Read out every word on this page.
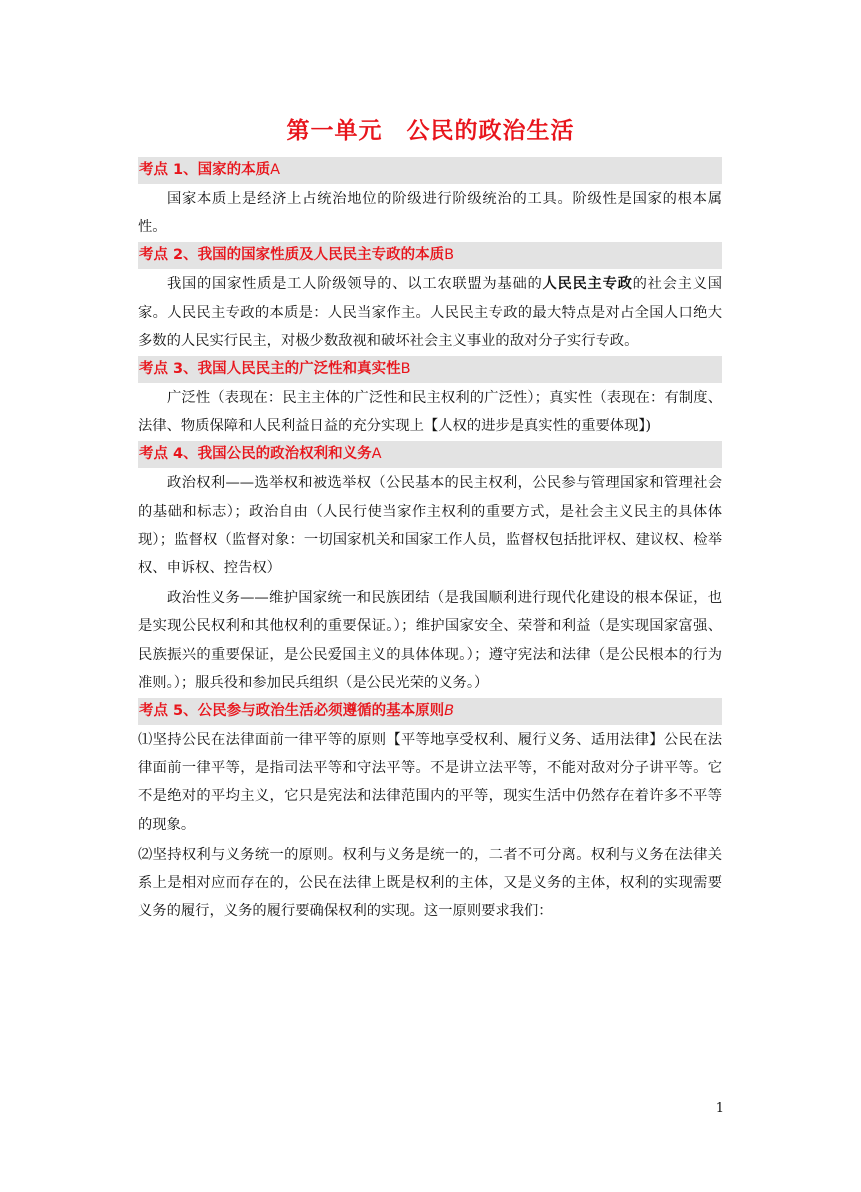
第一单元　公民的政治生活
考点 1、国家的本质A

国家本质上是经济上占统治地位的阶级进行阶级统治的工具。阶级性是国家的根本属性。

考点 2、我国的国家性质及人民民主专政的本质B

我国的国家性质是工人阶级领导的、以工农联盟为基础的人民民主专政的社会主义国家。人民民主专政的本质是：人民当家作主。人民民主专政的最大特点是对占全国人口绝大多数的人民实行民主，对极少数敌视和破坏社会主义事业的敌对分子实行专政。

考点 3、我国人民民主的广泛性和真实性B

广泛性（表现在：民主主体的广泛性和民主权利的广泛性）；真实性（表现在：有制度、法律、物质保障和人民利益日益的充分实现上【人权的进步是真实性的重要体现】)

考点 4、我国公民的政治权利和义务A

政治权利——选举权和被选举权（公民基本的民主权利，公民参与管理国家和管理社会的基础和标志）；政治自由（人民行使当家作主权利的重要方式，是社会主义民主的具体体现）；监督权（监督对象：一切国家机关和国家工作人员，监督权包括批评权、建议权、检举权、申诉权、控告权）

政治性义务——维护国家统一和民族团结（是我国顺利进行现代化建设的根本保证，也是实现公民权利和其他权利的重要保证。）；维护国家安全、荣誉和利益（是实现国家富强、民族振兴的重要保证，是公民爱国主义的具体体现。）；遵守宪法和法律（是公民根本的行为准则。）；服兵役和参加民兵组织（是公民光荣的义务。）

考点 5、公民参与政治生活必须遵循的基本原则B

⑴坚持公民在法律面前一律平等的原则【平等地享受权利、履行义务、适用法律】公民在法律面前一律平等，是指司法平等和守法平等。不是讲立法平等，不能对敌对分子讲平等。它不是绝对的平均主义，它只是宪法和法律范围内的平等，现实生活中仍然存在着许多不平等的现象。

⑵坚持权利与义务统一的原则。权利与义务是统一的，二者不可分离。权利与义务在法律关系上是相对应而存在的，公民在法律上既是权利的主体，又是义务的主体，权利的实现需要义务的履行，义务的履行要确保权利的实现。这一原则要求我们：

1
